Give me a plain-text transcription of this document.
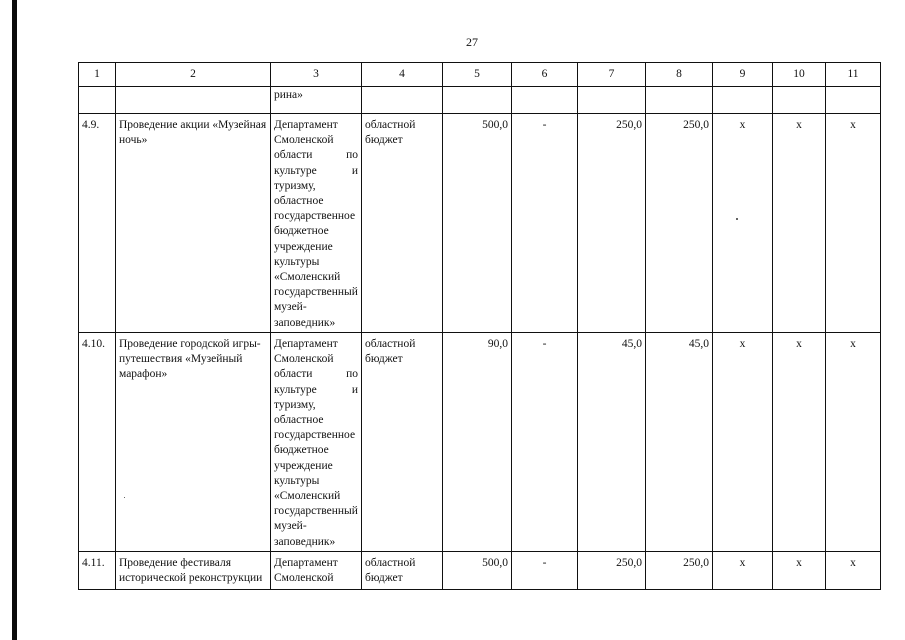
27
1	2	3	4	5	6	7	8	9	10	11
		рина»								
4.9.	Проведение акции «Музейная ночь»	Департамент Смоленской области по культуре и туризму, областное государственное бюджетное учреждение культуры «Смоленский государственный музей-заповедник»	областной бюджет	500,0	-	250,0	250,0	х	х	х
4.10.	Проведение городской игры-путешествия «Музейный марафон»	Департамент Смоленской области по культуре и туризму, областное государственное бюджетное учреждение культуры «Смоленский государственный музей-заповедник»	областной бюджет	90,0	-	45,0	45,0	х	х	х
4.11.	Проведение фестиваля исторической реконструкции	Департамент Смоленской	областной бюджет	500,0	-	250,0	250,0	х	х	х
